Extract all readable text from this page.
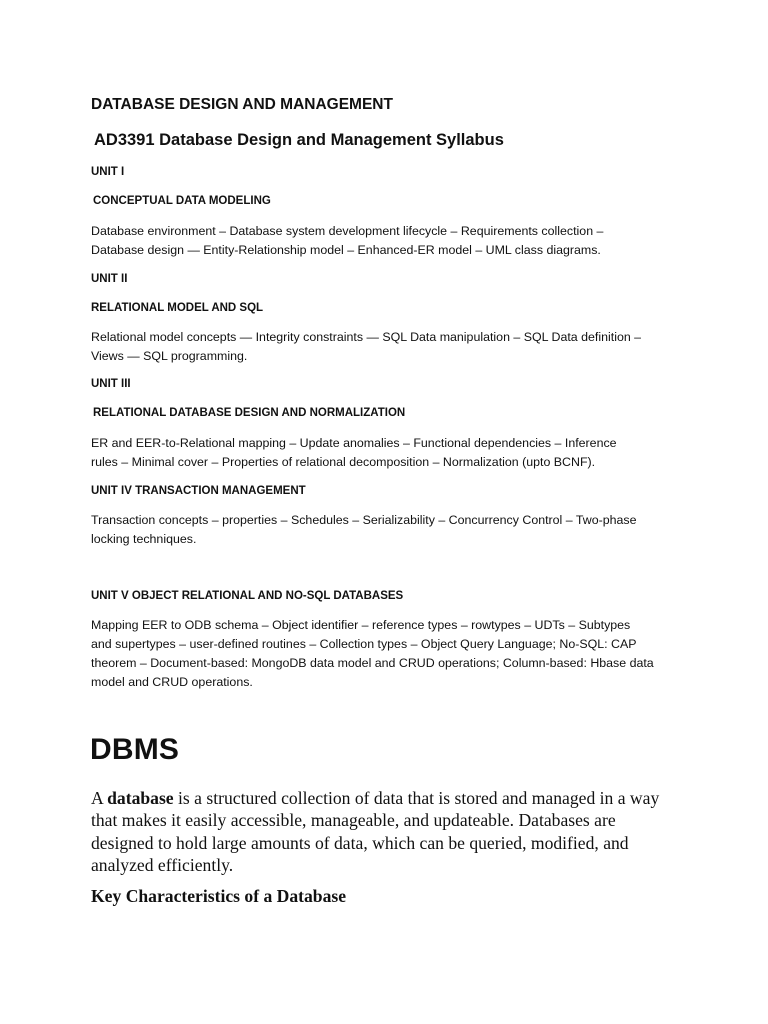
DATABASE DESIGN AND MANAGEMENT
AD3391 Database Design and Management Syllabus
UNIT I
CONCEPTUAL DATA MODELING

Database environment – Database system development lifecycle – Requirements collection –
Database design — Entity-Relationship model – Enhanced-ER model – UML class diagrams.

UNIT II
RELATIONAL MODEL AND SQL

Relational model concepts — Integrity constraints — SQL Data manipulation – SQL Data definition –
Views — SQL programming.

UNIT III
RELATIONAL DATABASE DESIGN AND NORMALIZATION

ER and EER-to-Relational mapping – Update anomalies – Functional dependencies – Inference
rules – Minimal cover – Properties of relational decomposition – Normalization (upto BCNF).

UNIT IV TRANSACTION MANAGEMENT

Transaction concepts – properties – Schedules – Serializability – Concurrency Control – Two-phase
locking techniques.

UNIT V OBJECT RELATIONAL AND NO-SQL DATABASES

Mapping EER to ODB schema – Object identifier – reference types – rowtypes – UDTs – Subtypes
and supertypes – user-defined routines – Collection types – Object Query Language; No-SQL: CAP
theorem – Document-based: MongoDB data model and CRUD operations; Column-based: Hbase data
model and CRUD operations.

DBMS

A database is a structured collection of data that is stored and managed in a way
that makes it easily accessible, manageable, and updateable. Databases are
designed to hold large amounts of data, which can be queried, modified, and
analyzed efficiently.

Key Characteristics of a Database
